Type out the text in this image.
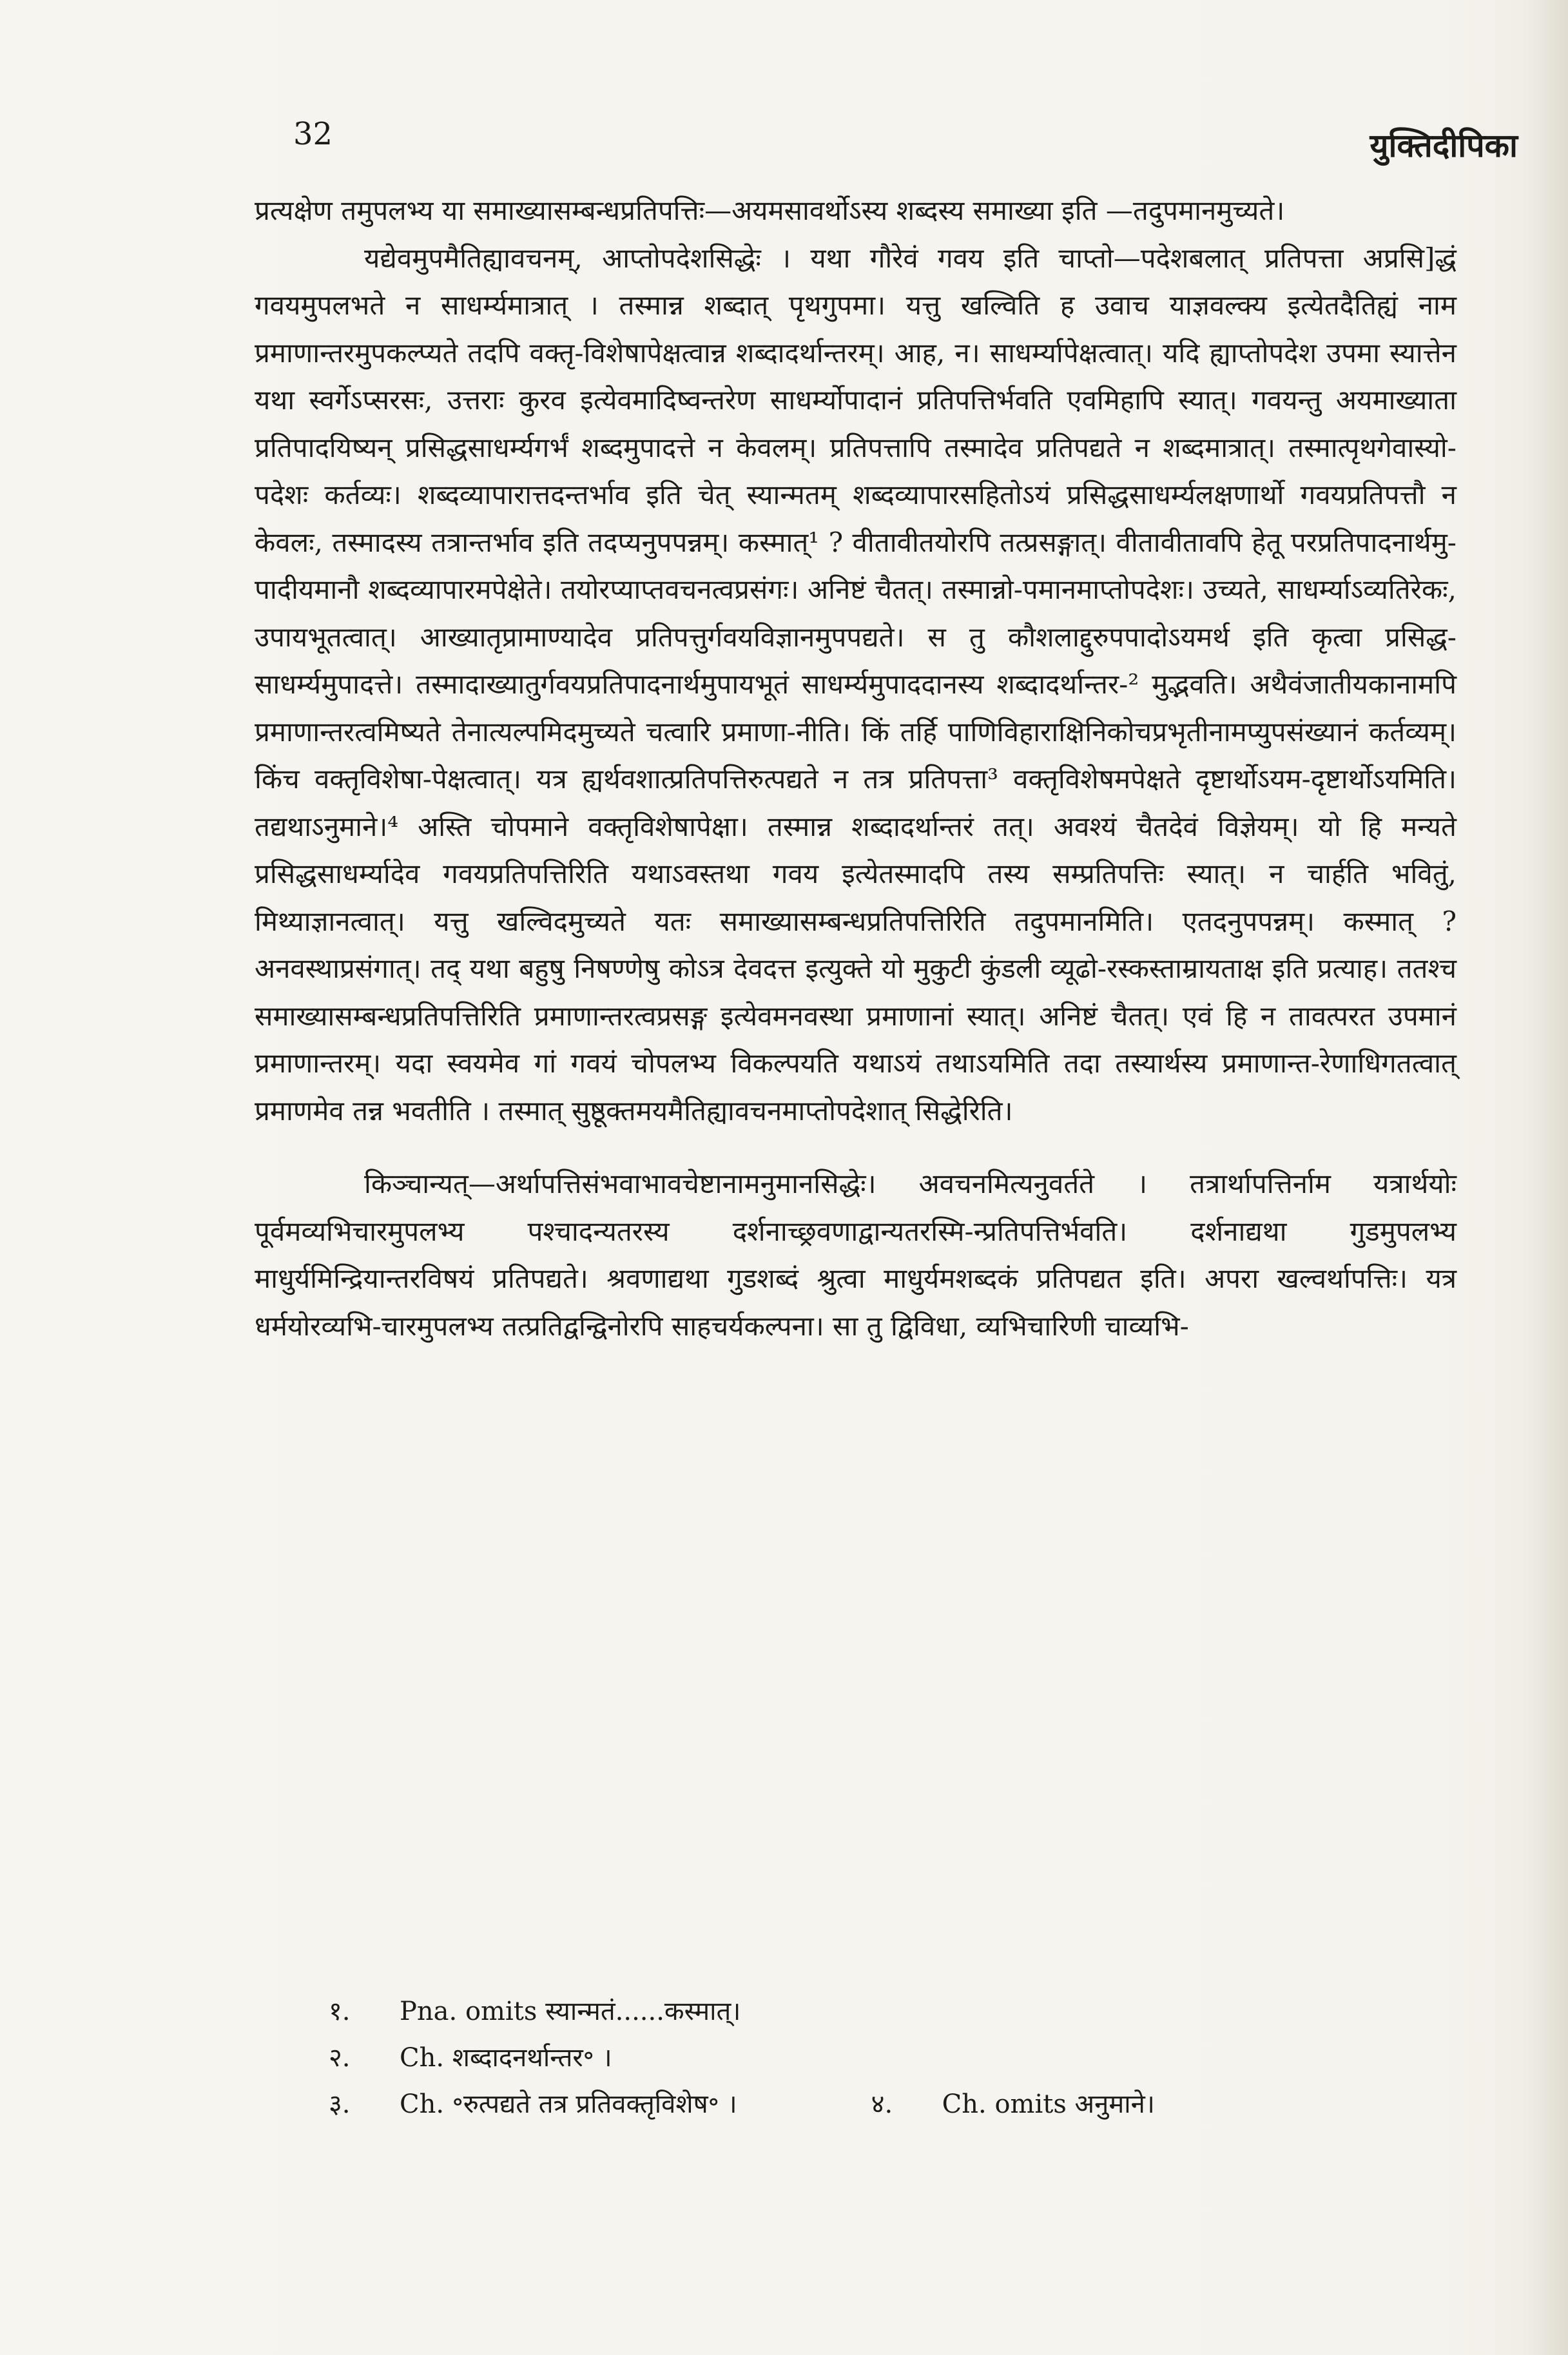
32	युक्तिदीपिका

प्रत्यक्षेण तमुपलभ्य या समाख्यासम्बन्धप्रतिपत्तिः—अयमसावर्थोऽस्य शब्दस्य समाख्या इति —तदुपमानमुच्यते।

यद्येवमुपमैतिह्यावचनम्, आप्तोपदेशसिद्धेः । यथा गौरेवं गवय इति चाप्तो—पदेशबलात् प्रतिपत्ता अप्रसि]द्धं गवयमुपलभते न साधर्म्यमात्रात् । तस्मान्न शब्दात् पृथगुपमा। यत्तु खल्विति ह उवाच याज्ञवल्क्य इत्येतदैतिह्यं नाम प्रमाणान्तरमुपकल्प्यते तदपि वक्तृ-विशेषापेक्षत्वान्न शब्दादर्थान्तरम्। आह, न। साधर्म्यापेक्षत्वात्। यदि ह्याप्तोपदेश उपमा स्यात्तेन यथा स्वर्गेऽप्सरसः, उत्तराः कुरव इत्येवमादिष्वन्तरेण साधर्म्योपादानं प्रतिपत्तिर्भवति एवमिहापि स्यात्। गवयन्तु अयमाख्याता प्रतिपादयिष्यन् प्रसिद्धसाधर्म्यगर्भं शब्दमुपादत्ते न केवलम्। प्रतिपत्तापि तस्मादेव प्रतिपद्यते न शब्दमात्रात्। तस्मात्पृथगेवास्यो-पदेशः कर्तव्यः। शब्दव्यापारात्तदन्तर्भाव इति चेत् स्यान्मतम् शब्दव्यापारसहितोऽयं प्रसिद्धसाधर्म्यलक्षणार्थो गवयप्रतिपत्तौ न केवलः, तस्मादस्य तत्रान्तर्भाव इति तदप्यनुपपन्नम्। कस्मात्¹ ? वीतावीतयोरपि तत्प्रसङ्गात्। वीतावीतावपि हेतू परप्रतिपादनार्थमु-पादीयमानौ शब्दव्यापारमपेक्षेते। तयोरप्याप्तवचनत्वप्रसंगः। अनिष्टं चैतत्। तस्मान्नो-पमानमाप्तोपदेशः। उच्यते, साधर्म्याऽव्यतिरेकः, उपायभूतत्वात्। आख्यातृप्रामाण्यादेव प्रतिपत्तुर्गवयविज्ञानमुपपद्यते। स तु कौशलाद्दुरुपपादोऽयमर्थ इति कृत्वा प्रसिद्ध-साधर्म्यमुपादत्ते। तस्मादाख्यातुर्गवयप्रतिपादनार्थमुपायभूतं साधर्म्यमुपाददानस्य शब्दादर्थान्तर-² मुद्भवति। अथैवंजातीयकानामपि प्रमाणान्तरत्वमिष्यते तेनात्यल्पमिदमुच्यते चत्वारि प्रमाणा-नीति। किं तर्हि पाणिविहाराक्षिनिकोचप्रभृतीनामप्युपसंख्यानं कर्तव्यम्। किंच वक्तृविशेषा-पेक्षत्वात्। यत्र ह्यर्थवशात्प्रतिपत्तिरुत्पद्यते न तत्र प्रतिपत्ता³ वक्तृविशेषमपेक्षते दृष्टार्थोऽयम-दृष्टार्थोऽयमिति। तद्यथाऽनुमाने।⁴ अस्ति चोपमाने वक्तृविशेषापेक्षा। तस्मान्न शब्दादर्थान्तरं तत्। अवश्यं चैतदेवं विज्ञेयम्। यो हि मन्यते प्रसिद्धसाधर्म्यादेव गवयप्रतिपत्तिरिति यथाऽवस्तथा गवय इत्येतस्मादपि तस्य सम्प्रतिपत्तिः स्यात्। न चार्हति भवितुं, मिथ्याज्ञानत्वात्। यत्तु खल्विदमुच्यते यतः समाख्यासम्बन्धप्रतिपत्तिरिति तदुपमानमिति। एतदनुपपन्नम्। कस्मात् ? अनवस्थाप्रसंगात्। तद् यथा बहुषु निषण्णेषु कोऽत्र देवदत्त इत्युक्ते यो मुकुटी कुंडली व्यूढो-रस्कस्ताम्रायताक्ष इति प्रत्याह। ततश्च समाख्यासम्बन्धप्रतिपत्तिरिति प्रमाणान्तरत्वप्रसङ्ग इत्येवमनवस्था प्रमाणानां स्यात्। अनिष्टं चैतत्। एवं हि न तावत्परत उपमानं प्रमाणान्तरम्। यदा स्वयमेव गां गवयं चोपलभ्य विकल्पयति यथाऽयं तथाऽयमिति तदा तस्यार्थस्य प्रमाणान्त-रेणाधिगतत्वात् प्रमाणमेव तन्न भवतीति । तस्मात् सुष्ठूक्तमयमैतिह्यावचनमाप्तोपदेशात् सिद्धेरिति।

किञ्चान्यत्—अर्थापत्तिसंभवाभावचेष्टानामनुमानसिद्धेः। अवचनमित्यनुवर्तते । तत्रार्थापत्तिर्नाम यत्रार्थयोः पूर्वमव्यभिचारमुपलभ्य पश्चादन्यतरस्य दर्शनाच्छ्रवणाद्वान्यतरस्मि-न्प्रतिपत्तिर्भवति। दर्शनाद्यथा गुडमुपलभ्य माधुर्यमिन्द्रियान्तरविषयं प्रतिपद्यते। श्रवणाद्यथा गुडशब्दं श्रुत्वा माधुर्यमशब्दकं प्रतिपद्यत इति। अपरा खल्वर्थापत्तिः। यत्र धर्मयोरव्यभि-चारमुपलभ्य तत्प्रतिद्वन्द्विनोरपि साहचर्यकल्पना। सा तु द्विविधा, व्यभिचारिणी चाव्यभि-

१.	Pna. omits स्यान्मतं......कस्मात्।
२.	Ch. शब्दादनर्थान्तर॰ ।
३.	Ch. ॰रुत्पद्यते तत्र प्रतिवक्तृविशेष॰ ।	४.	Ch. omits अनुमाने।
